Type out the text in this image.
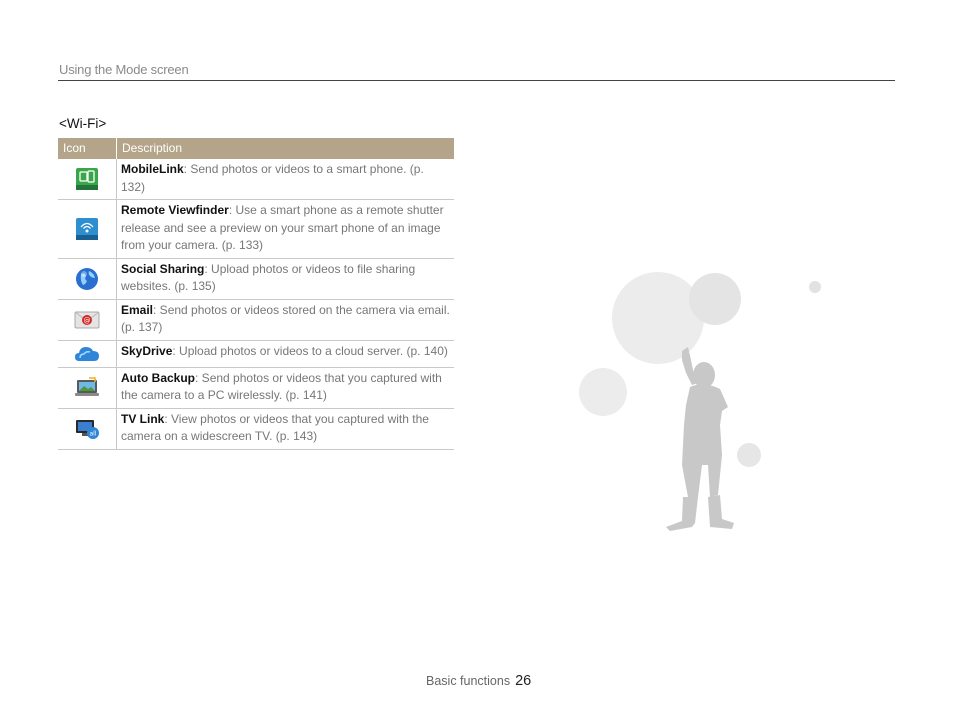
Using the Mode screen
<Wi-Fi>
Icon	Description
	MobileLink: Send photos or videos to a smart phone. (p. 132)
	Remote Viewfinder: Use a smart phone as a remote shutter release and see a preview on your smart phone of an image from your camera. (p. 133)
	Social Sharing: Upload photos or videos to file sharing websites. (p. 135)

@	Email: Send photos or videos stored on the camera via email. (p. 137)
	SkyDrive: Upload photos or videos to a cloud server. (p. 140)
	Auto Backup: Send photos or videos that you captured with the camera to a PC wirelessly. (p. 141)

all	TV Link: View photos or videos that you captured with the camera on a widescreen TV. (p. 143)
Basic functions 26
